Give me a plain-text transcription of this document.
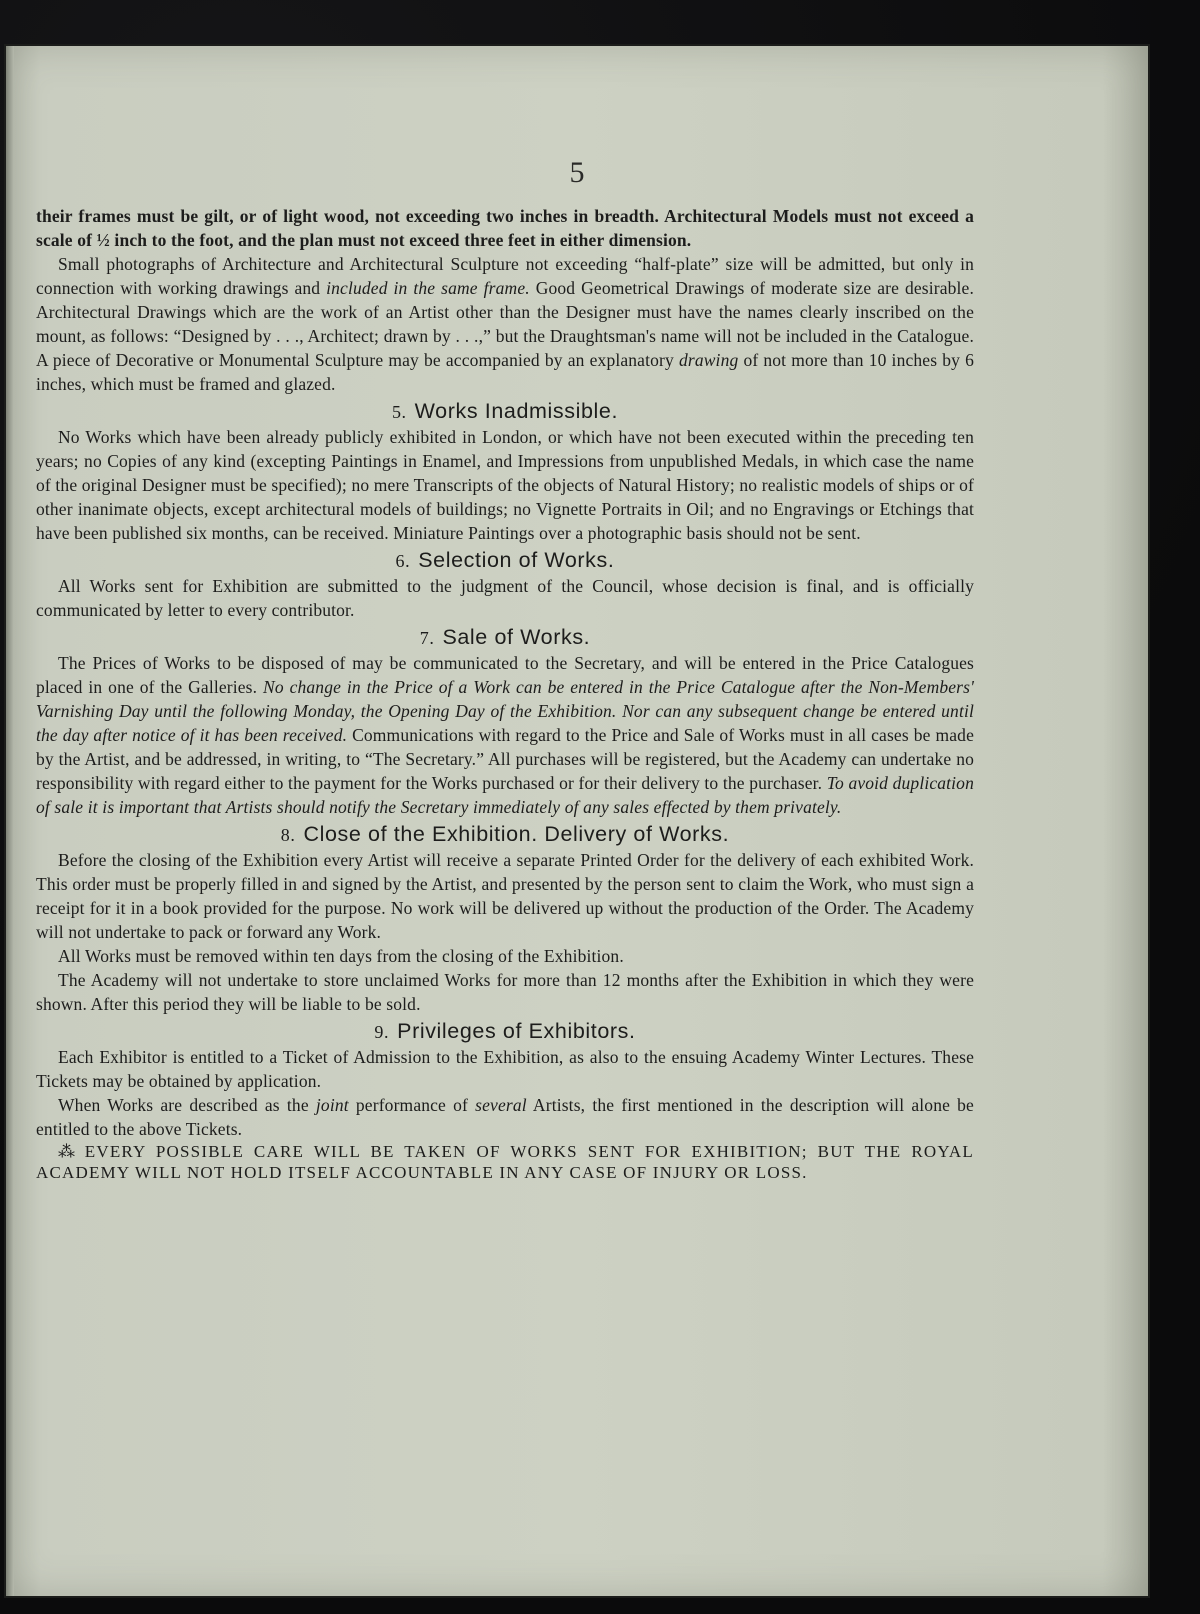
5

their frames must be gilt, or of light wood, not exceeding two inches in breadth. Architectural Models must not exceed a scale of ½ inch to the foot, and the plan must not exceed three feet in either dimension.

Small photographs of Architecture and Architectural Sculpture not exceeding “half-plate” size will be admitted, but only in connection with working drawings and included in the same frame. Good Geometrical Drawings of moderate size are desirable. Architectural Drawings which are the work of an Artist other than the Designer must have the names clearly inscribed on the mount, as follows: “Designed by . . ., Architect; drawn by . . .,” but the Draughtsman's name will not be included in the Catalogue. A piece of Decorative or Monumental Sculpture may be accompanied by an explanatory drawing of not more than 10 inches by 6 inches, which must be framed and glazed.

5. Works Inadmissible.

No Works which have been already publicly exhibited in London, or which have not been executed within the preceding ten years; no Copies of any kind (excepting Paintings in Enamel, and Impressions from unpublished Medals, in which case the name of the original Designer must be specified); no mere Transcripts of the objects of Natural History; no realistic models of ships or of other inanimate objects, except architectural models of buildings; no Vignette Portraits in Oil; and no Engravings or Etchings that have been published six months, can be received. Miniature Paintings over a photographic basis should not be sent.

6. Selection of Works.

All Works sent for Exhibition are submitted to the judgment of the Council, whose decision is final, and is officially communicated by letter to every contributor.

7. Sale of Works.

The Prices of Works to be disposed of may be communicated to the Secretary, and will be entered in the Price Catalogues placed in one of the Galleries. No change in the Price of a Work can be entered in the Price Catalogue after the Non-Members' Varnishing Day until the following Monday, the Opening Day of the Exhibition. Nor can any subsequent change be entered until the day after notice of it has been received. Communications with regard to the Price and Sale of Works must in all cases be made by the Artist, and be addressed, in writing, to “The Secretary.” All purchases will be registered, but the Academy can undertake no responsibility with regard either to the payment for the Works purchased or for their delivery to the purchaser. To avoid duplication of sale it is important that Artists should notify the Secretary immediately of any sales effected by them privately.

8. Close of the Exhibition. Delivery of Works.

Before the closing of the Exhibition every Artist will receive a separate Printed Order for the delivery of each exhibited Work. This order must be properly filled in and signed by the Artist, and presented by the person sent to claim the Work, who must sign a receipt for it in a book provided for the purpose. No work will be delivered up without the production of the Order. The Academy will not undertake to pack or forward any Work.

All Works must be removed within ten days from the closing of the Exhibition.

The Academy will not undertake to store unclaimed Works for more than 12 months after the Exhibition in which they were shown. After this period they will be liable to be sold.

9. Privileges of Exhibitors.

Each Exhibitor is entitled to a Ticket of Admission to the Exhibition, as also to the ensuing Academy Winter Lectures. These Tickets may be obtained by application.

When Works are described as the joint performance of several Artists, the first mentioned in the description will alone be entitled to the above Tickets.

⁂ EVERY POSSIBLE CARE WILL BE TAKEN OF WORKS SENT FOR EXHIBITION; BUT THE ROYAL ACADEMY WILL NOT HOLD ITSELF ACCOUNTABLE IN ANY CASE OF INJURY OR LOSS.
